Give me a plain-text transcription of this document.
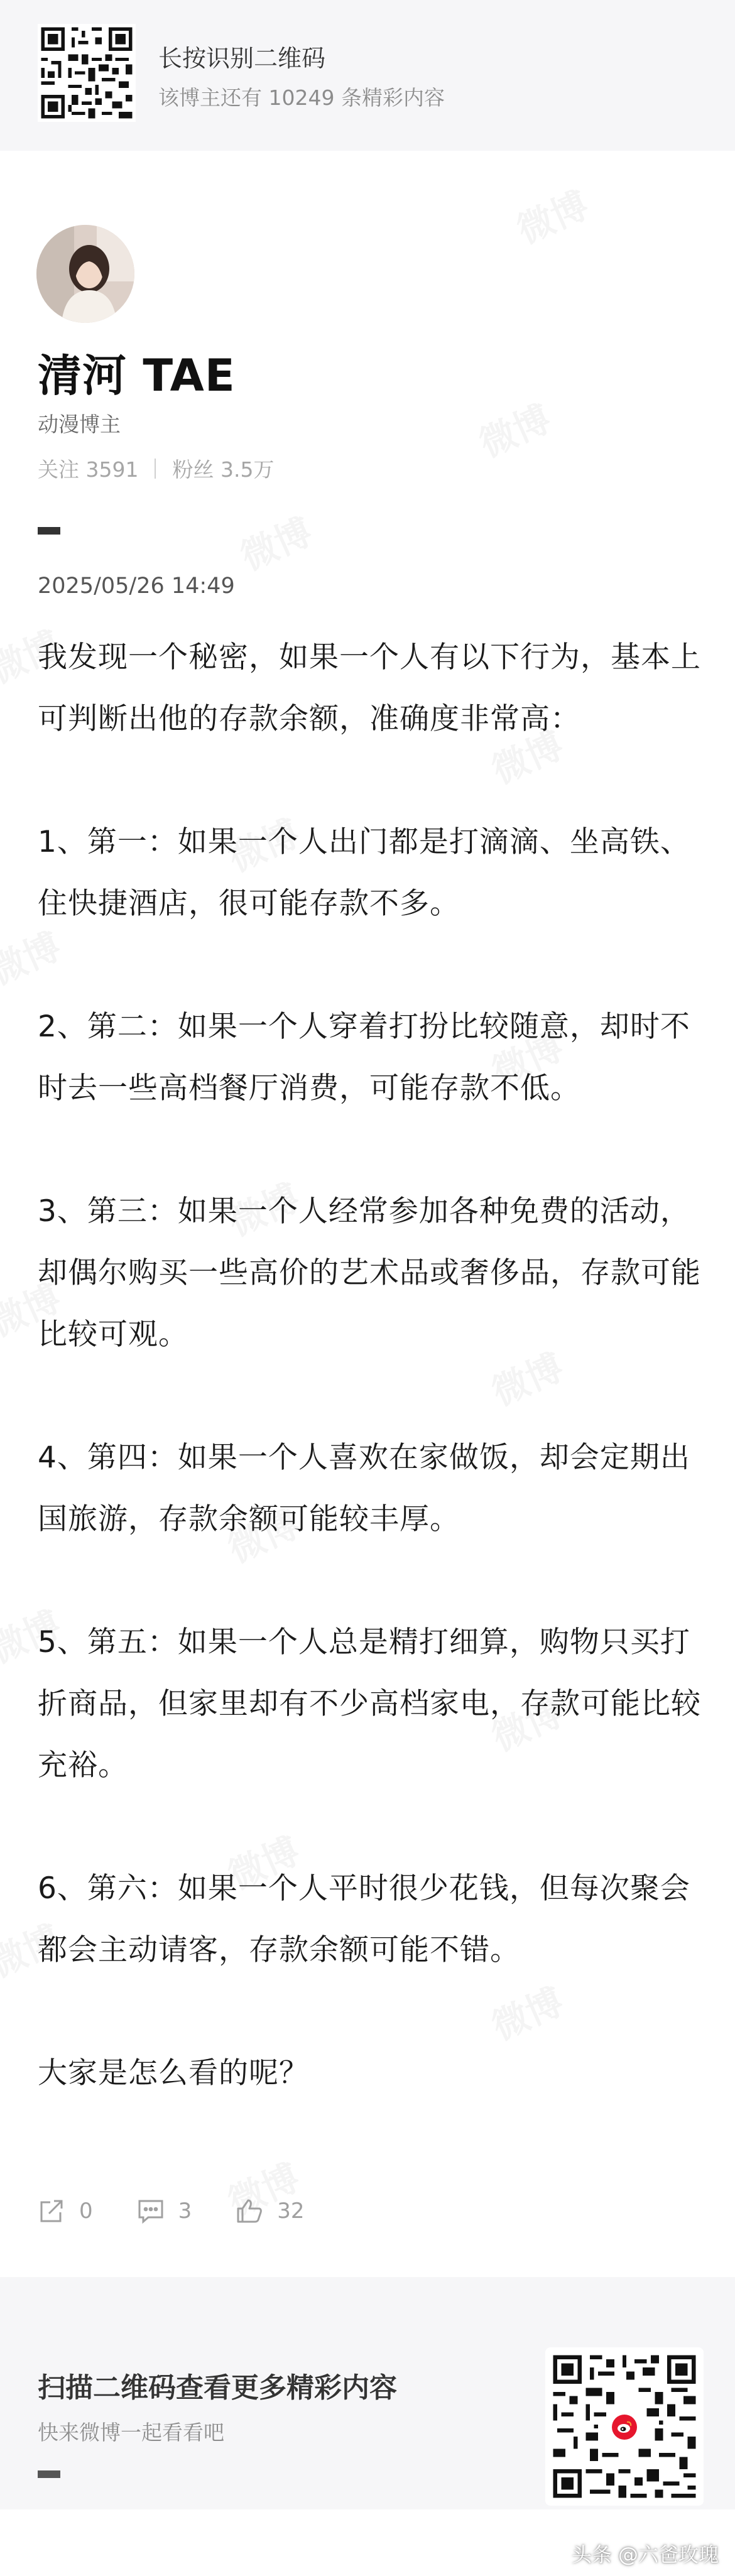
长按识别二维码
该博主还有 10249 条精彩内容
清河 TAE
动漫博主
关注 3591 粉丝 3.5万
2025/05/26 14:49

我发现一个秘密，如果一个人有以下行为，基本上可判断出他的存款余额，准确度非常高：

1、第一：如果一个人出门都是打滴滴、坐高铁、住快捷酒店，很可能存款不多。

2、第二：如果一个人穿着打扮比较随意，却时不时去一些高档餐厅消费，可能存款不低。

3、第三：如果一个人经常参加各种免费的活动，却偶尔购买一些高价的艺术品或奢侈品，存款可能比较可观。

4、第四：如果一个人喜欢在家做饭，却会定期出国旅游，存款余额可能较丰厚。

5、第五：如果一个人总是精打细算，购物只买打折商品，但家里却有不少高档家电，存款可能比较充裕。

6、第六：如果一个人平时很少花钱，但每次聚会都会主动请客，存款余额可能不错。

大家是怎么看的呢？

0	3	32
扫描二维码查看更多精彩内容
快来微博一起看看吧
头条 @六爸玫瑰
